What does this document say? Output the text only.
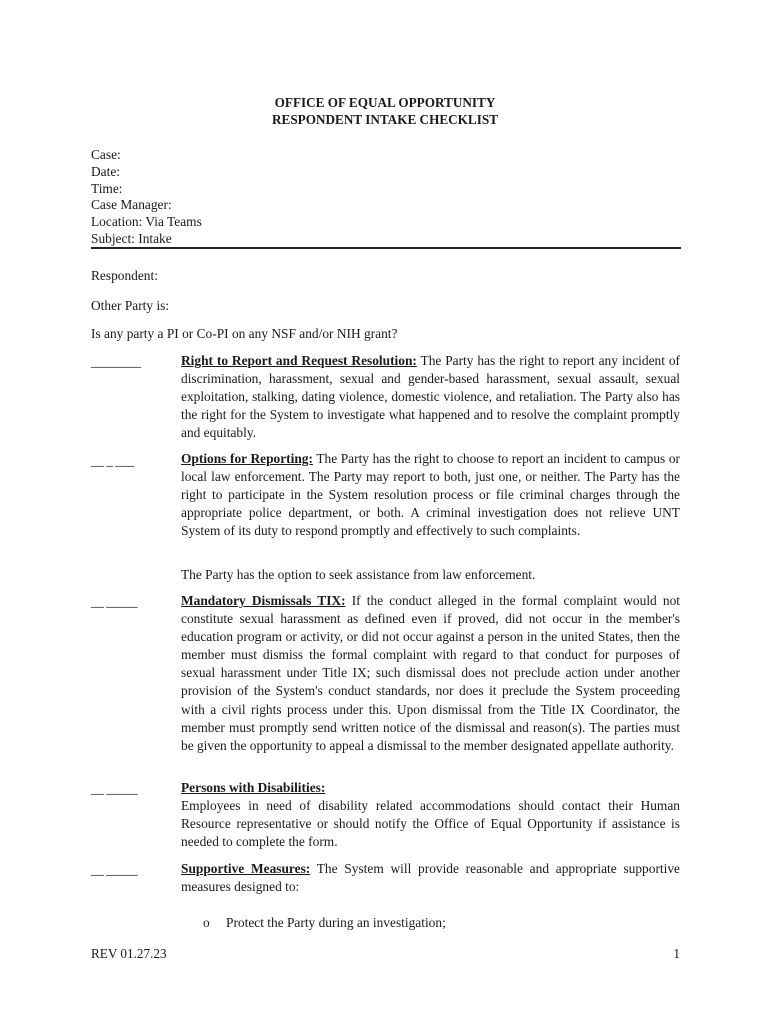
OFFICE OF EQUAL OPPORTUNITY
RESPONDENT INTAKE CHECKLIST
Case:
Date:
Time:
Case Manager:
Location: Via Teams
Subject: Intake
Respondent:
Other Party is:
Is any party a PI or Co-PI on any NSF and/or NIH grant?
________	Right to Report and Request Resolution: The Party has the right to report any incident of discrimination, harassment, sexual and gender-based harassment, sexual assault, sexual exploitation, stalking, dating violence, domestic violence, and retaliation. The Party also has the right for the System to investigate what happened and to resolve the complaint promptly and equitably.
__ _ ___	Options for Reporting: The Party has the right to choose to report an incident to campus or local law enforcement. The Party may report to both, just one, or neither. The Party has the right to participate in the System resolution process or file criminal charges through the appropriate police department, or both. A criminal investigation does not relieve UNT System of its duty to respond promptly and effectively to such complaints.
The Party has the option to seek assistance from law enforcement.
__ _____	Mandatory Dismissals TIX: If the conduct alleged in the formal complaint would not constitute sexual harassment as defined even if proved, did not occur in the member's education program or activity, or did not occur against a person in the united States, then the member must dismiss the formal complaint with regard to that conduct for purposes of sexual harassment under Title IX; such dismissal does not preclude action under another provision of the System's conduct standards, nor does it preclude the System proceeding with a civil rights process under this. Upon dismissal from the Title IX Coordinator, the member must promptly send written notice of the dismissal and reason(s). The parties must be given the opportunity to appeal a dismissal to the member designated appellate authority.
__ _____	Persons with Disabilities:
Employees in need of disability related accommodations should contact their Human Resource representative or should notify the Office of Equal Opportunity if assistance is needed to complete the form.
__ _____	Supportive Measures: The System will provide reasonable and appropriate supportive measures designed to:
o Protect the Party during an investigation;
REV 01.27.23	1
